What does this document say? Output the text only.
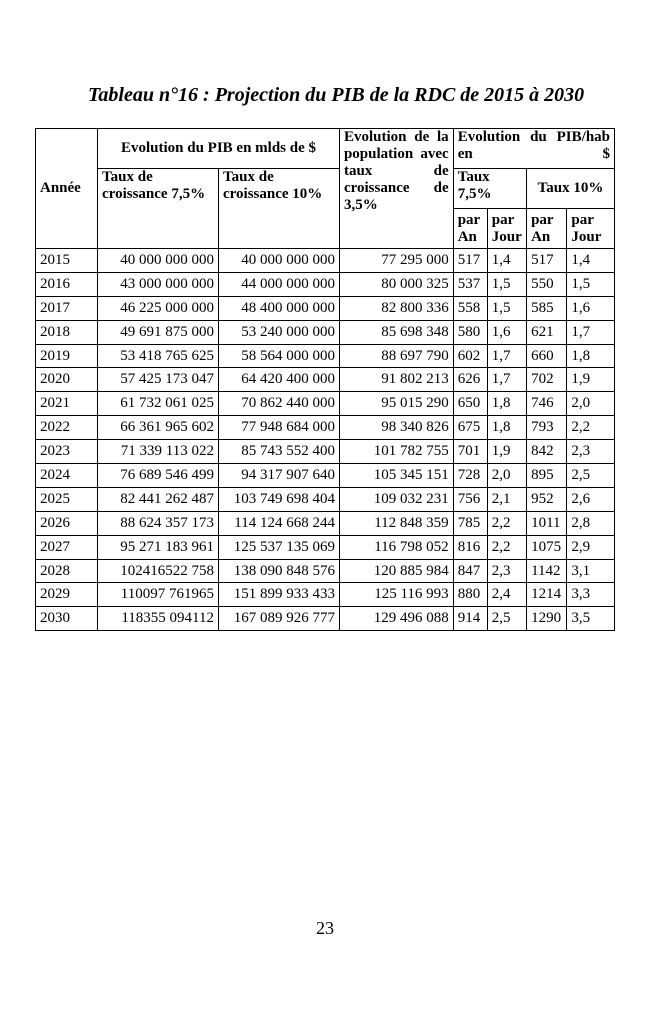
Tableau n°16 : Projection du PIB de la RDC de 2015 à 2030
Année	Evolution du PIB en mlds de $		Evolution de la population avec taux de croissance de 3,5%	Evolution du PIB/hab en $			
	Taux de croissance 7,5%	Taux de croissance 10%		Taux 7,5%		Taux 10%	
				par An	par Jour	par An	par Jour
2015	40 000 000 000	40 000 000 000	77 295 000	517	1,4	517	1,4
2016	43 000 000 000	44 000 000 000	80 000 325	537	1,5	550	1,5
2017	46 225 000 000	48 400 000 000	82 800 336	558	1,5	585	1,6
2018	49 691 875 000	53 240 000 000	85 698 348	580	1,6	621	1,7
2019	53 418 765 625	58 564 000 000	88 697 790	602	1,7	660	1,8
2020	57 425 173 047	64 420 400 000	91 802 213	626	1,7	702	1,9
2021	61 732 061 025	70 862 440 000	95 015 290	650	1,8	746	2,0
2022	66 361 965 602	77 948 684 000	98 340 826	675	1,8	793	2,2
2023	71 339 113 022	85 743 552 400	101 782 755	701	1,9	842	2,3
2024	76 689 546 499	94 317 907 640	105 345 151	728	2,0	895	2,5
2025	82 441 262 487	103 749 698 404	109 032 231	756	2,1	952	2,6
2026	88 624 357 173	114 124 668 244	112 848 359	785	2,2	1011	2,8
2027	95 271 183 961	125 537 135 069	116 798 052	816	2,2	1075	2,9
2028	102416522 758	138 090 848 576	120 885 984	847	2,3	1142	3,1
2029	110097 761965	151 899 933 433	125 116 993	880	2,4	1214	3,3
2030	118355 094112	167 089 926 777	129 496 088	914	2,5	1290	3,5
23
